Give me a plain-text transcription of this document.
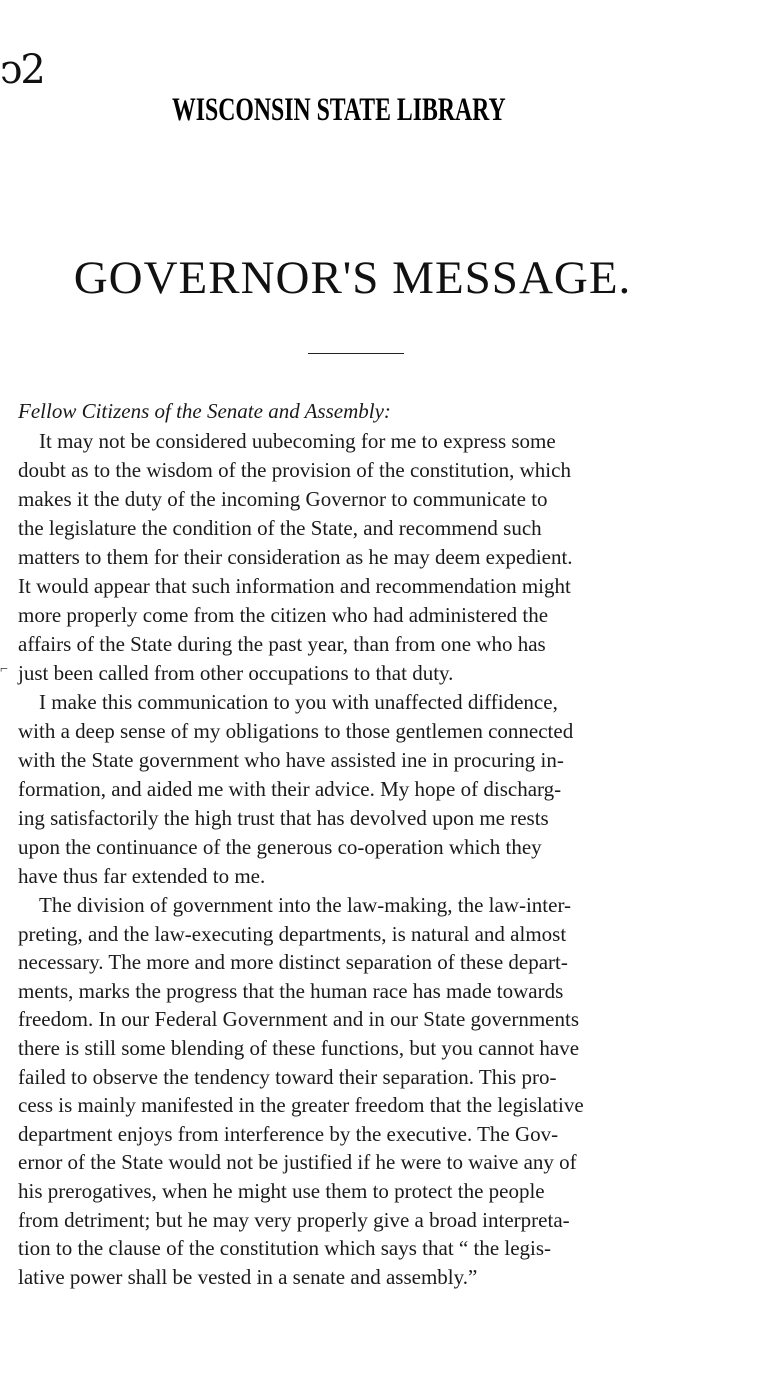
ↄ2
WISCONSIN STATE LIBRARY
GOVERNOR'S MESSAGE.
Fellow Citizens of the Senate and Assembly:
⌐
 It may not be considered uubecoming for me to express some
doubt as to the wisdom of the provision of the constitution, which
makes it the duty of the incoming Governor to communicate to
the legislature the condition of the State, and recommend such
matters to them for their consideration as he may deem expedient.
It would appear that such information and recommendation might
more properly come from the citizen who had administered the
affairs of the State during the past year, than from one who has
just been called from other occupations to that duty.
 I make this communication to you with unaffected diffidence,
with a deep sense of my obligations to those gentlemen connected
with the State government who have assisted ine in procuring in-
formation, and aided me with their advice. My hope of discharg-
ing satisfactorily the high trust that has devolved upon me rests
upon the continuance of the generous co-operation which they
have thus far extended to me.
 The division of government into the law-making, the law-inter-
preting, and the law-executing departments, is natural and almost
necessary. The more and more distinct separation of these depart-
ments, marks the progress that the human race has made towards
freedom. In our Federal Government and in our State governments
there is still some blending of these functions, but you cannot have
failed to observe the tendency toward their separation. This pro-
cess is mainly manifested in the greater freedom that the legislative
department enjoys from interference by the executive. The Gov-
ernor of the State would not be justified if he were to waive any of
his prerogatives, when he might use them to protect the people
from detriment; but he may very properly give a broad interpreta-
tion to the clause of the constitution which says that “ the legis-
lative power shall be vested in a senate and assembly.”
